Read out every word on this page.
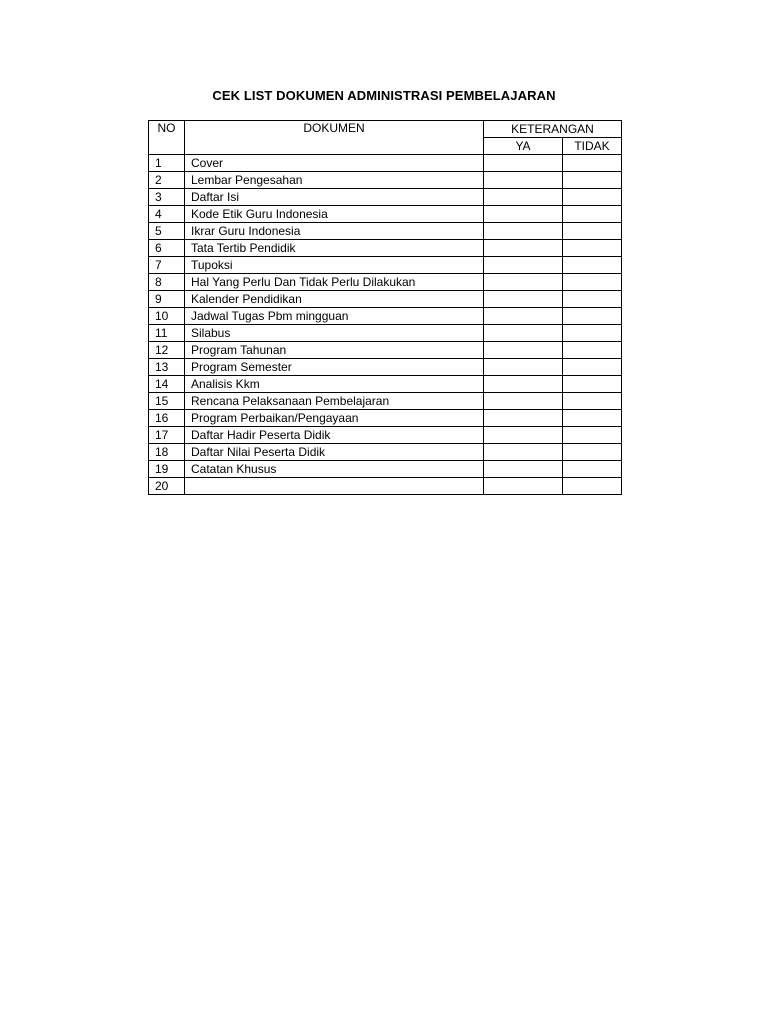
CEK LIST DOKUMEN ADMINISTRASI PEMBELAJARAN
NO	DOKUMEN	KETERANGAN	
		YA	TIDAK
1	Cover		
2	Lembar Pengesahan		
3	Daftar Isi		
4	Kode Etik Guru Indonesia		
5	Ikrar Guru Indonesia		
6	Tata Tertib Pendidik		
7	Tupoksi		
8	Hal Yang Perlu Dan Tidak Perlu Dilakukan		
9	Kalender Pendidikan		
10	Jadwal Tugas Pbm mingguan		
11	Silabus		
12	Program Tahunan		
13	Program Semester		
14	Analisis Kkm		
15	Rencana Pelaksanaan Pembelajaran		
16	Program Perbaikan/Pengayaan		
17	Daftar Hadir Peserta Didik		
18	Daftar Nilai Peserta Didik		
19	Catatan Khusus		
20			
